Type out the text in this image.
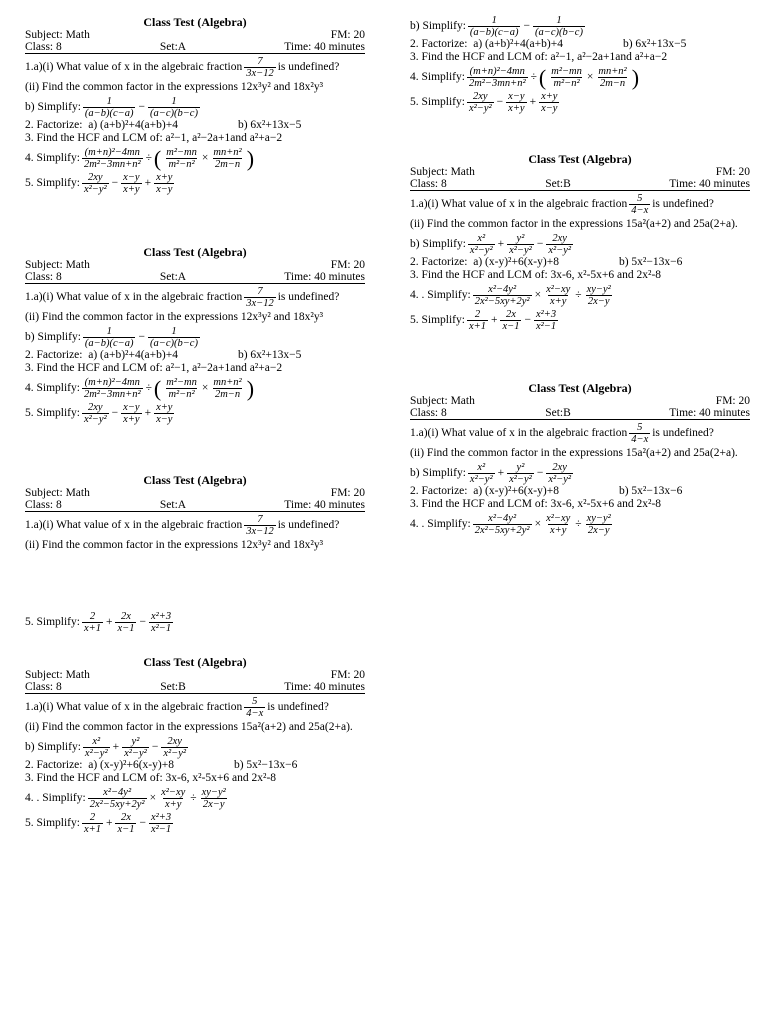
Class Test (Algebra)
Subject: Math	FM: 20
Class: 8	Set:A	Time: 40 minutes
1.a)(i) What value of x in the algebraic fraction $\frac{7}{3x-12}$ is undefined?
(ii) Find the common factor in the expressions 12x³y² and 18x²y³
b) Simplify: $\frac{1}{(a-b)(c-a)} - \frac{1}{(a-c)(b-c)}$
2. Factorize:
a) (a+b)²+4(a+b)+4	b) 6x²+13x−5
3. Find the HCF and LCM of: a²−1, a²−2a+1and a²+a−2
4. Simplify: $\frac{\text{(m+n)²−4mn}}{\text{2m²−3mn+n²}}$ ÷ ( $\frac{\text{m²−mn}}{\text{m²−n²}} \times \frac{\text{mn+n²}}{2m-n}$ )
5. Simplify: $\frac{2xy}{\text{x²−y²}} - \frac{x-y}{x+y} + \frac{x+y}{x-y}$
Class Test (Algebra)
Subject: Math	FM: 20
Class: 8	Set:A	Time: 40 minutes
1.a)(i) What value of x in the algebraic fraction $\frac{7}{3x-12}$ is undefined?
(ii) Find the common factor in the expressions 12x³y² and 18x²y³
b) Simplify: $\frac{1}{(a-b)(c-a)} - \frac{1}{(a-c)(b-c)}$
2. Factorize:
a) (a+b)²+4(a+b)+4	b) 6x²+13x−5
3. Find the HCF and LCM of: a²−1, a²−2a+1and a²+a−2
4. Simplify: $\frac{\text{(m+n)²−4mn}}{\text{2m²−3mn+n²}}$ ÷ ( $\frac{\text{m²−mn}}{\text{m²−n²}} \times \frac{\text{mn+n²}}{2m-n}$ )
5. Simplify: $\frac{2xy}{\text{x²−y²}} - \frac{x-y}{x+y} + \frac{x+y}{x-y}$
Class Test (Algebra)
Subject: Math	FM: 20
Class: 8	Set:A	Time: 40 minutes
1.a)(i) What value of x in the algebraic fraction $\frac{7}{3x-12}$ is undefined?
(ii) Find the common factor in the expressions 12x³y² and 18x²y³
5. Simplify: $\frac{2}{x+1} + \frac{2x}{x-1} - \frac{\text{x²+3}}{\text{x²−1}}$
Class Test (Algebra)
Subject: Math	FM: 20
Class: 8	Set:B	Time: 40 minutes
1.a)(i) What value of x in the algebraic fraction $\frac{5}{4-x}$ is undefined?
(ii) Find the common factor in the expressions 15a²(a+2) and 25a(2+a).
b) Simplify: $\frac{\text{x²}}{\text{x²−y²}} + \frac{\text{y²}}{\text{x²−y²}} - \frac{2xy}{\text{x²−y²}}$
2. Factorize:
a) (x-y)²+6(x-y)+8	b) 5x²−13x−6
3. Find the HCF and LCM of: 3x-6, x²-5x+6 and 2x²-8
4. . Simplify: $\frac{\text{x²−4y²}}{\text{2x²−5xy+2y²}} \times \frac{\text{x²−xy}}{x+y} \div \frac{\text{xy−y²}}{2x-y}$
5. Simplify: $\frac{2}{x+1} + \frac{2x}{x-1} - \frac{\text{x²+3}}{\text{x²−1}}$
b) Simplify: $\frac{1}{(a-b)(c-a)} - \frac{1}{(a-c)(b-c)}$
2. Factorize:
a) (a+b)²+4(a+b)+4	b) 6x²+13x−5
3. Find the HCF and LCM of: a²−1, a²−2a+1and a²+a−2
4. Simplify: $\frac{\text{(m+n)²−4mn}}{\text{2m²−3mn+n²}}$ ÷ ( $\frac{\text{m²−mn}}{\text{m²−n²}} \times \frac{\text{mn+n²}}{2m-n}$ )
5. Simplify: $\frac{2xy}{\text{x²−y²}} - \frac{x-y}{x+y} + \frac{x+y}{x-y}$
Class Test (Algebra)
Subject: Math	FM: 20
Class: 8	Set:B	Time: 40 minutes
1.a)(i) What value of x in the algebraic fraction $\frac{5}{4-x}$ is undefined?
(ii) Find the common factor in the expressions 15a²(a+2) and 25a(2+a).
b) Simplify: $\frac{\text{x²}}{\text{x²−y²}} + \frac{\text{y²}}{\text{x²−y²}} - \frac{2xy}{\text{x²−y²}}$
2. Factorize:
a) (x-y)²+6(x-y)+8	b) 5x²−13x−6
3. Find the HCF and LCM of: 3x-6, x²-5x+6 and 2x²-8
4. . Simplify: $\frac{\text{x²−4y²}}{\text{2x²−5xy+2y²}} \times \frac{\text{x²−xy}}{x+y} \div \frac{\text{xy−y²}}{2x-y}$
5. Simplify: $\frac{2}{x+1} + \frac{2x}{x-1} - \frac{\text{x²+3}}{\text{x²−1}}$
Class Test (Algebra)
Subject: Math	FM: 20
Class: 8	Set:B	Time: 40 minutes
1.a)(i) What value of x in the algebraic fraction $\frac{5}{4-x}$ is undefined?
(ii) Find the common factor in the expressions 15a²(a+2) and 25a(2+a).
b) Simplify: $\frac{\text{x²}}{\text{x²−y²}} + \frac{\text{y²}}{\text{x²−y²}} - \frac{2xy}{\text{x²−y²}}$
2. Factorize:
a) (x-y)²+6(x-y)+8	b) 5x²−13x−6
3. Find the HCF and LCM of: 3x-6, x²-5x+6 and 2x²-8
4. . Simplify: $\frac{\text{x²−4y²}}{\text{2x²−5xy+2y²}} \times \frac{\text{x²−xy}}{x+y} \div \frac{\text{xy−y²}}{2x-y}$
